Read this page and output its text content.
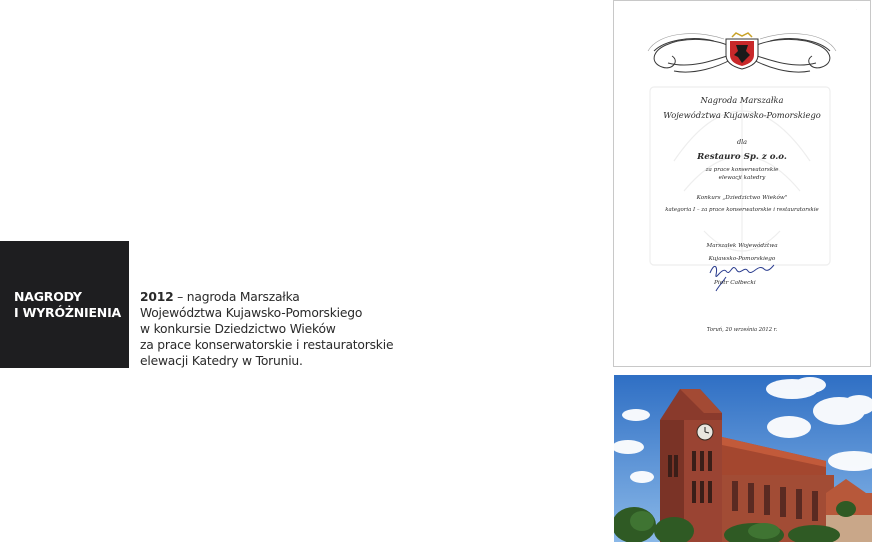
NAGRODY
I WYRÓŻNIENIA
2012 – nagroda Marszałka
Województwa Kujawsko-Pomorskiego
w konkursie Dziedzictwo Wieków
za prace konserwatorskie i restauratorskie
elewacji Katedry w Toruniu.
·
Nagroda Marszałka
Województwa Kujawsko-Pomorskiego
dla
Restauro Sp. z o.o.
za prace konserwatorskie
elewacji katedry
Konkurs „Dziedzictwo Wieków"
kategoria I – za prace konserwatorskie i restauratorskie
Marszałek Województwa
Kujawsko-Pomorskiego
Piotr Całbecki
Toruń, 20 września 2012 r.
